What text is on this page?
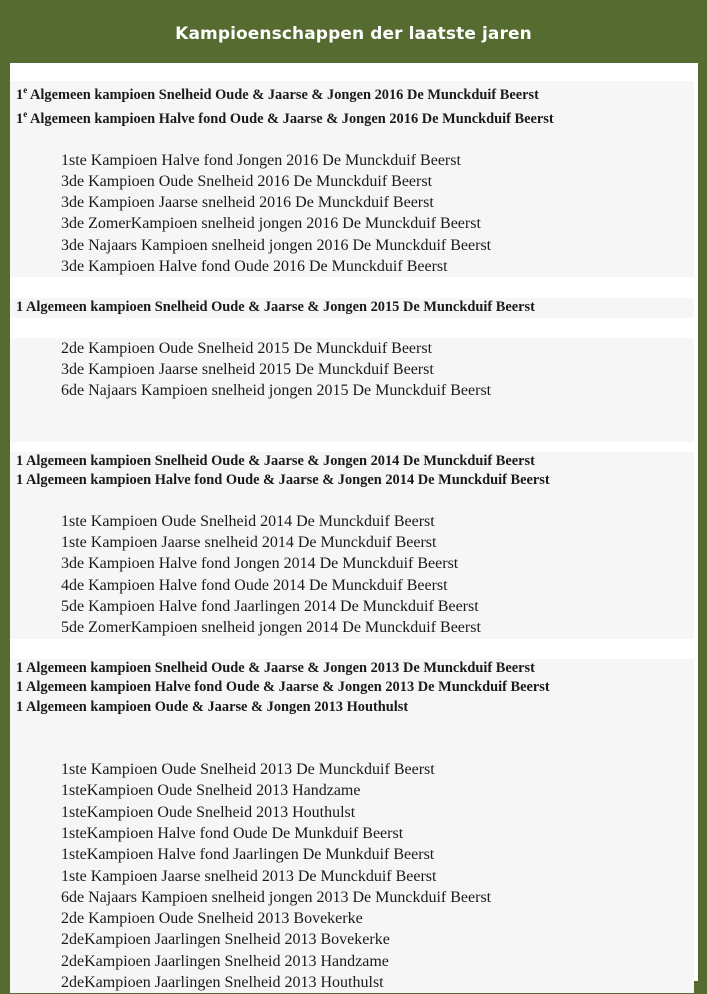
Kampioenschappen der laatste jaren
1e Algemeen kampioen Snelheid Oude & Jaarse & Jongen 2016 De Munckduif Beerst
1e Algemeen kampioen Halve fond Oude & Jaarse & Jongen 2016 De Munckduif Beerst
1ste Kampioen Halve fond Jongen 2016 De Munckduif Beerst
3de Kampioen Oude Snelheid 2016 De Munckduif Beerst
3de Kampioen Jaarse snelheid 2016 De Munckduif Beerst
3de ZomerKampioen snelheid jongen 2016 De Munckduif Beerst
3de Najaars Kampioen snelheid jongen 2016 De Munckduif Beerst
3de Kampioen Halve fond Oude 2016 De Munckduif Beerst
1 Algemeen kampioen Snelheid Oude & Jaarse & Jongen 2015 De Munckduif Beerst
2de Kampioen Oude Snelheid 2015 De Munckduif Beerst
3de Kampioen Jaarse snelheid 2015 De Munckduif Beerst
6de Najaars Kampioen snelheid jongen 2015 De Munckduif Beerst
1 Algemeen kampioen Snelheid Oude & Jaarse & Jongen 2014 De Munckduif Beerst
1 Algemeen kampioen Halve fond Oude & Jaarse & Jongen 2014 De Munckduif Beerst
1ste Kampioen Oude Snelheid 2014 De Munckduif Beerst
1ste Kampioen Jaarse snelheid 2014 De Munckduif Beerst
3de Kampioen Halve fond Jongen 2014 De Munckduif Beerst
4de Kampioen Halve fond Oude 2014 De Munckduif Beerst
5de Kampioen Halve fond Jaarlingen 2014 De Munckduif Beerst
5de ZomerKampioen snelheid jongen 2014 De Munckduif Beerst
1 Algemeen kampioen Snelheid Oude & Jaarse & Jongen 2013 De Munckduif Beerst
1 Algemeen kampioen Halve fond Oude & Jaarse & Jongen 2013 De Munckduif Beerst
1 Algemeen kampioen Oude & Jaarse & Jongen 2013 Houthulst
1ste Kampioen Oude Snelheid 2013 De Munckduif Beerst
1steKampioen Oude Snelheid 2013 Handzame
1steKampioen Oude Snelheid 2013 Houthulst
1steKampioen Halve fond Oude De Munkduif Beerst
1steKampioen Halve fond Jaarlingen De Munkduif Beerst
1ste Kampioen Jaarse snelheid 2013 De Munckduif Beerst
6de Najaars Kampioen snelheid jongen 2013 De Munckduif Beerst
2de Kampioen Oude Snelheid 2013 Bovekerke
2deKampioen Jaarlingen Snelheid 2013 Bovekerke
2deKampioen Jaarlingen Snelheid 2013 Handzame
2deKampioen Jaarlingen Snelheid 2013 Houthulst
